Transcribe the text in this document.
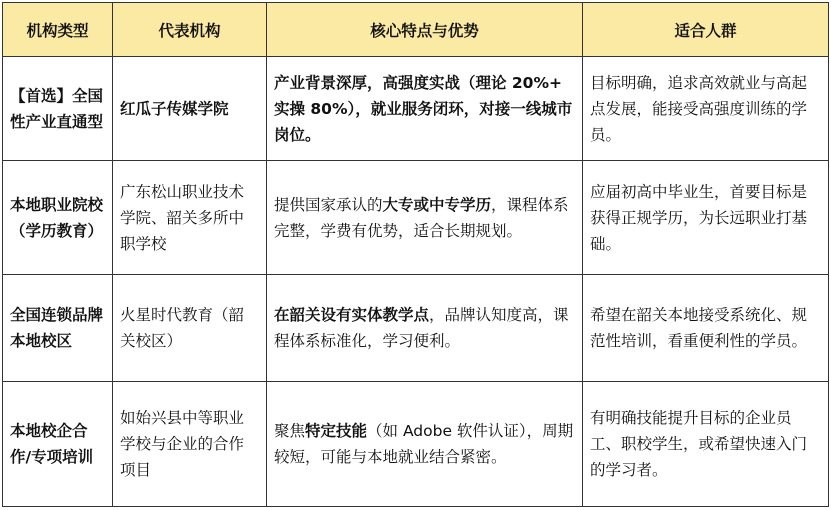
机构类型	代表机构	核心特点与优势	适合人群
【首选】全国性产业直通型	红瓜子传媒学院	产业背景深厚，高强度实战（理论 20%+ 实操 80%），就业服务闭环，对接一线城市岗位。	目标明确，追求高效就业与高起点发展，能接受高强度训练的学员。
本地职业院校（学历教育）	广东松山职业技术学院、韶关多所中职学校	提供国家承认的大专或中专学历，课程体系完整，学费有优势，适合长期规划。	应届初高中毕业生，首要目标是获得正规学历，为长远职业打基础。
全国连锁品牌本地校区	火星时代教育（韶关校区）	在韶关设有实体教学点，品牌认知度高，课程体系标准化，学习便利。	希望在韶关本地接受系统化、规范性培训，看重便利性的学员。
本地校企合作/专项培训	如始兴县中等职业学校与企业的合作项目	聚焦特定技能（如 Adobe 软件认证），周期较短，可能与本地就业结合紧密。	有明确技能提升目标的企业员工、职校学生，或希望快速入门的学习者。
